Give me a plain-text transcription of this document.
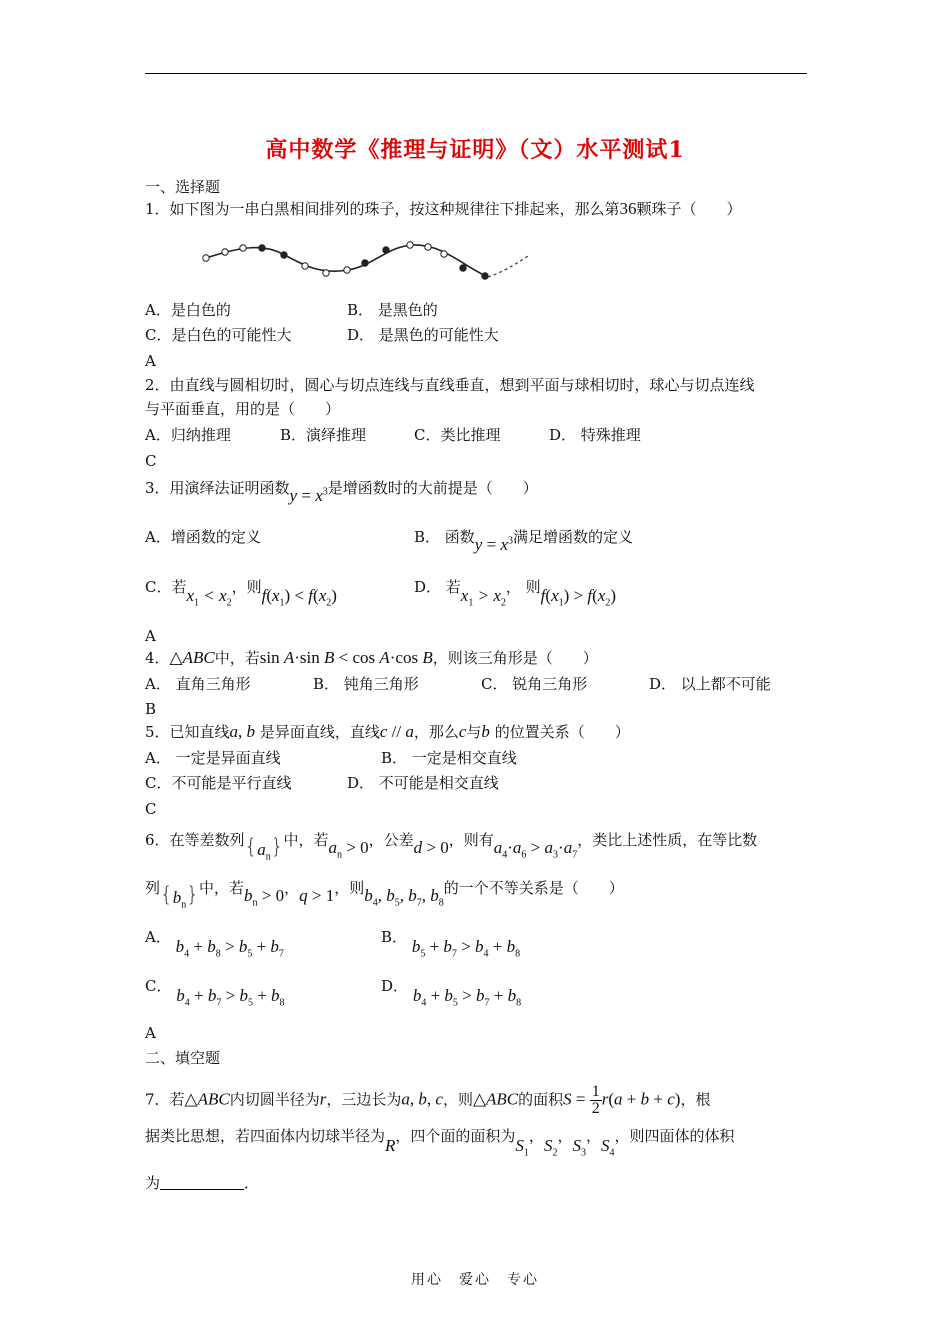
高中数学《推理与证明》（文）水平测试1
一、选择题
1．如下图为一串白黑相间排列的珠子，按这种规律往下排起来，那么第36颗珠子（　　）
A．是白色的	B． 是黑色的
C．是白色的可能性大	D． 是黑色的可能性大
A
2．由直线与圆相切时，圆心与切点连线与直线垂直，想到平面与球相切时，球心与切点连线
与平面垂直，用的是（　　）
A．归纳推理	B．演绎推理	C．类比推理	D． 特殊推理
C
3．用演绎法证明函数$y = x^3$是增函数时的大前提是（　　）
A．增函数的定义	B． 函数$y = x^3$满足增函数的定义
C．若$x_1 < x_2$，则$f(x_1) < f(x_2)$	D． 若$x_1 > x_2$， 则$f(x_1) > f(x_2)$
A
4．△ABC中，若sin A·sin B < cos A·cos B，则该三角形是（　　）
A． 直角三角形	B． 钝角三角形	C． 锐角三角形	D． 以上都不可能
B
5．已知直线a, b 是异面直线，直线c // a，那么c与b 的位置关系（　　）
A． 一定是异面直线	B． 一定是相交直线
C．不可能是平行直线	D． 不可能是相交直线
C
6．在等差数列$\{a_n\}$中，若$a_n > 0$，公差d > 0，则有$a_4\cdot a_6 > a_3\cdot a_7$，类比上述性质，在等比数
列$\{b_n\}$中，若$b_n > 0$，q > 1，则$b_4$, $b_5$, $b_7$, $b_8$的一个不等关系是（　　）
A． $b_4 + b_8 > b_5 + b_7$
B． $b_5 + b_7 > b_4 + b_8$
C． $b_4 + b_7 > b_5 + b_8$
D． $b_4 + b_5 > b_7 + b_8$
A
二、填空题
7．若△ABC内切圆半径为r，三边长为a, b, c，则△ABC的面积$S = \frac{1}{2} r(a + b + c)$，根
据类比思想，若四面体内切球半径为R，四个面的面积为$S_1$，$S_2$，$S_3$，$S_4$，则四面体的体积
为	．
用心　爱心　专心
